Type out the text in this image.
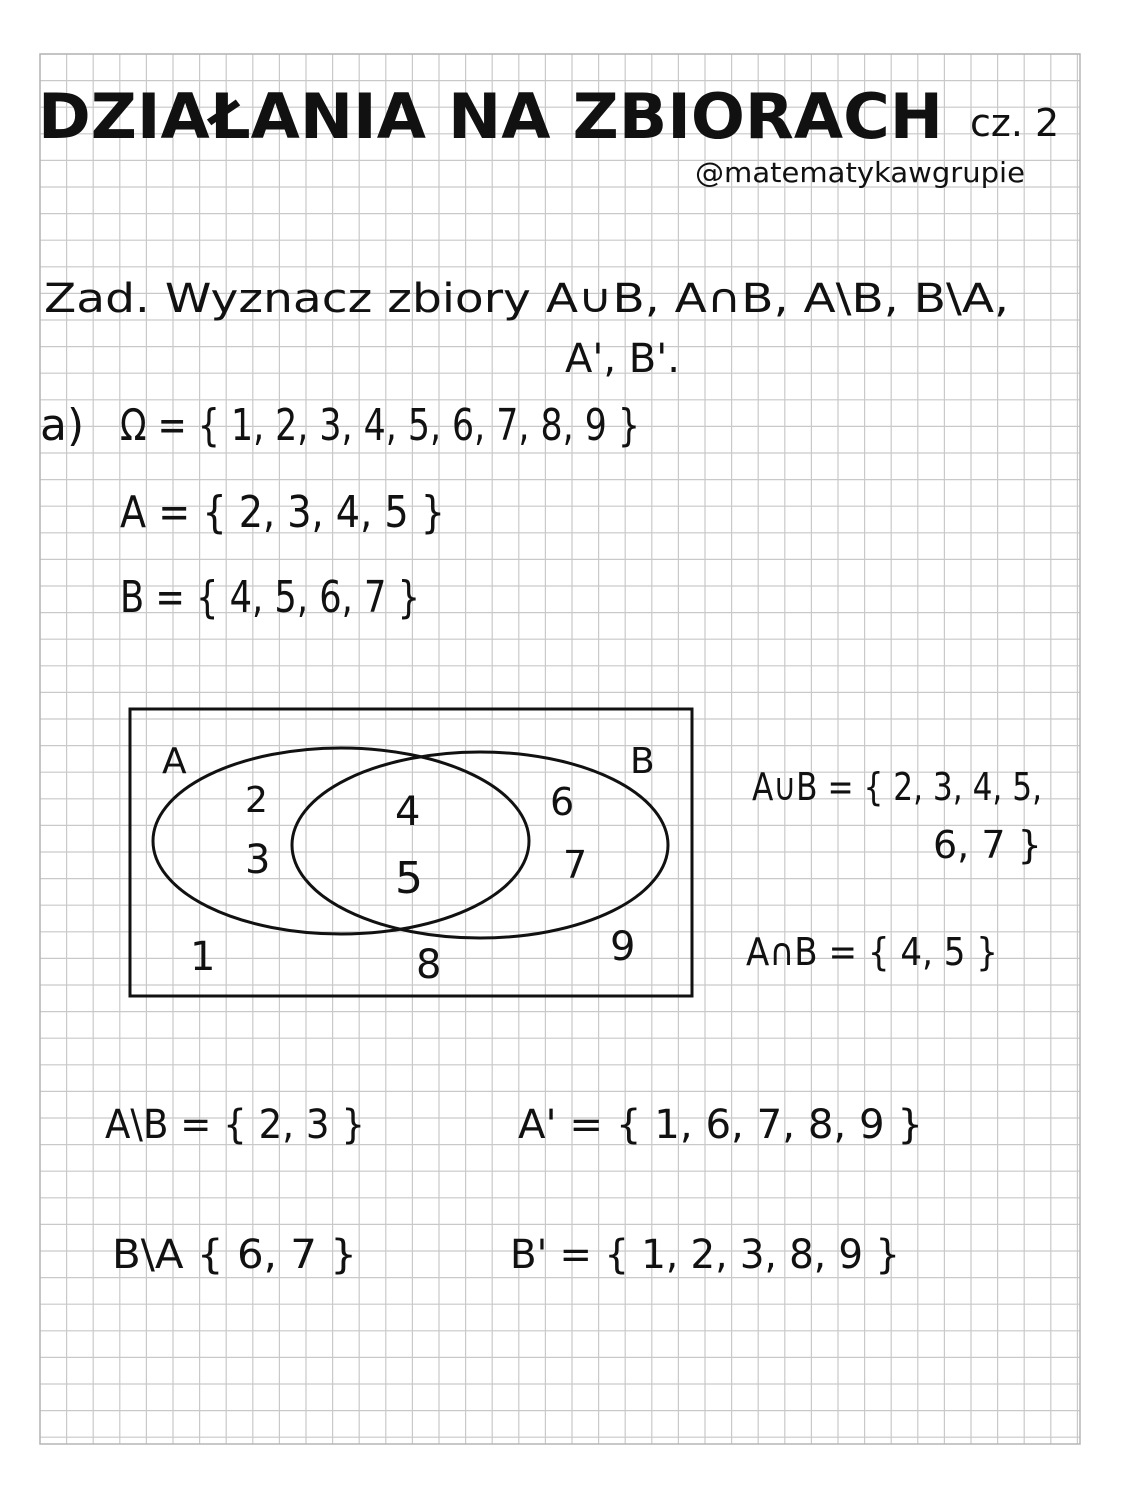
DZIAŁANIA NA ZBIORACH cz. 2
@matematykawgrupie
Zad. Wyznacz zbiory A∪B, A∩B, A\B, B\A,
A', B'.
a) Ω = { 1, 2, 3, 4, 5, 6, 7, 8, 9 }
A = { 2, 3, 4, 5 }
B = { 4, 5, 6, 7 }
A	B
2
3
4
5
6
7
1	8	9
A∪B = { 2, 3, 4, 5,
6, 7 }
A∩B = { 4, 5 }
A\B = { 2, 3 }	A' = { 1, 6, 7, 8, 9 }
B\A { 6, 7 }	B' = { 1, 2, 3, 8, 9 }
